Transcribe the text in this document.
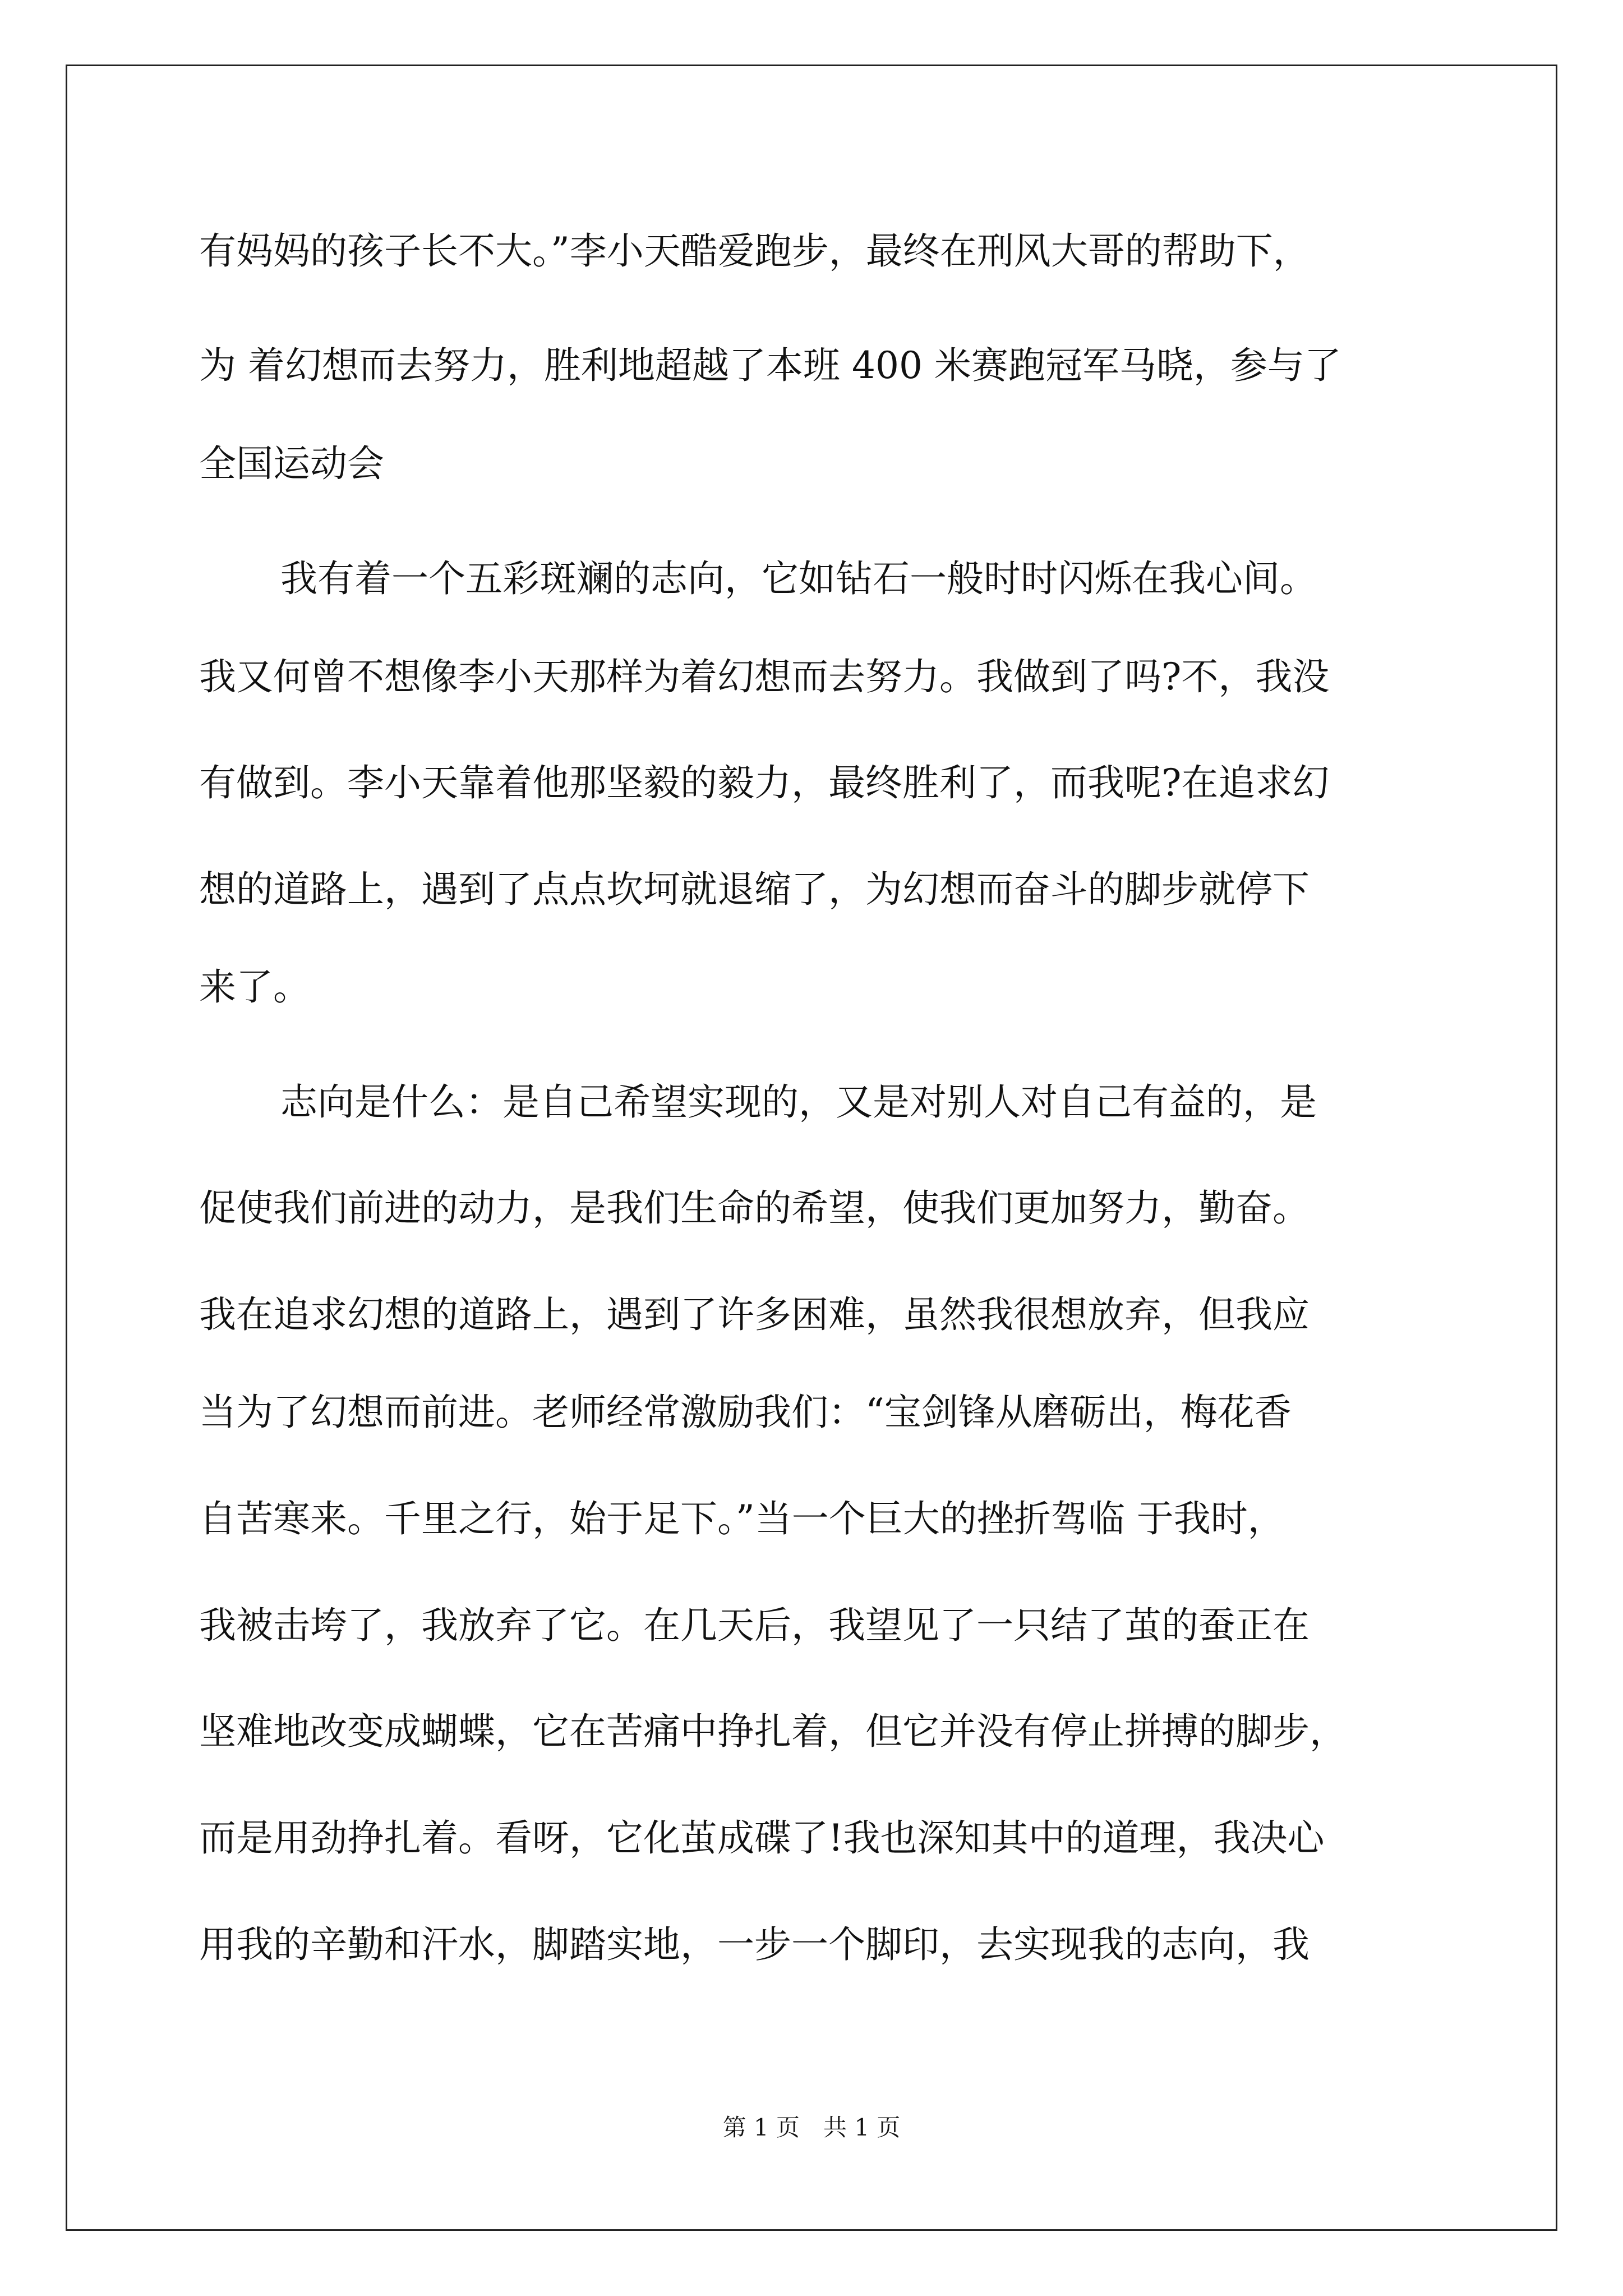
有妈妈的孩子长不大。”李小天酷爱跑步，最终在刑风大哥的帮助下，
为 着幻想而去努力，胜利地超越了本班 400 米赛跑冠军马晓，参与了
全国运动会
我有着一个五彩斑斓的志向，它如钻石一般时时闪烁在我心间。
我又何曾不想像李小天那样为着幻想而去努力。我做到了吗?不，我没
有做到。李小天靠着他那坚毅的毅力，最终胜利了，而我呢?在追求幻
想的道路上，遇到了点点坎坷就退缩了，为幻想而奋斗的脚步就停下
来了。
志向是什么：是自己希望实现的，又是对别人对自己有益的，是
促使我们前进的动力，是我们生命的希望，使我们更加努力，勤奋。
我在追求幻想的道路上，遇到了许多困难，虽然我很想放弃，但我应
当为了幻想而前进。老师经常激励我们：“宝剑锋从磨砺出，梅花香
自苦寒来。千里之行，始于足下。”当一个巨大的挫折驾临 于我时，
我被击垮了，我放弃了它。在几天后，我望见了一只结了茧的蚕正在
坚难地改变成蝴蝶，它在苦痛中挣扎着，但它并没有停止拼搏的脚步，
而是用劲挣扎着。看呀，它化茧成碟了!我也深知其中的道理，我决心
用我的辛勤和汗水，脚踏实地，一步一个脚印，去实现我的志向，我
第 1 页　共 1 页
